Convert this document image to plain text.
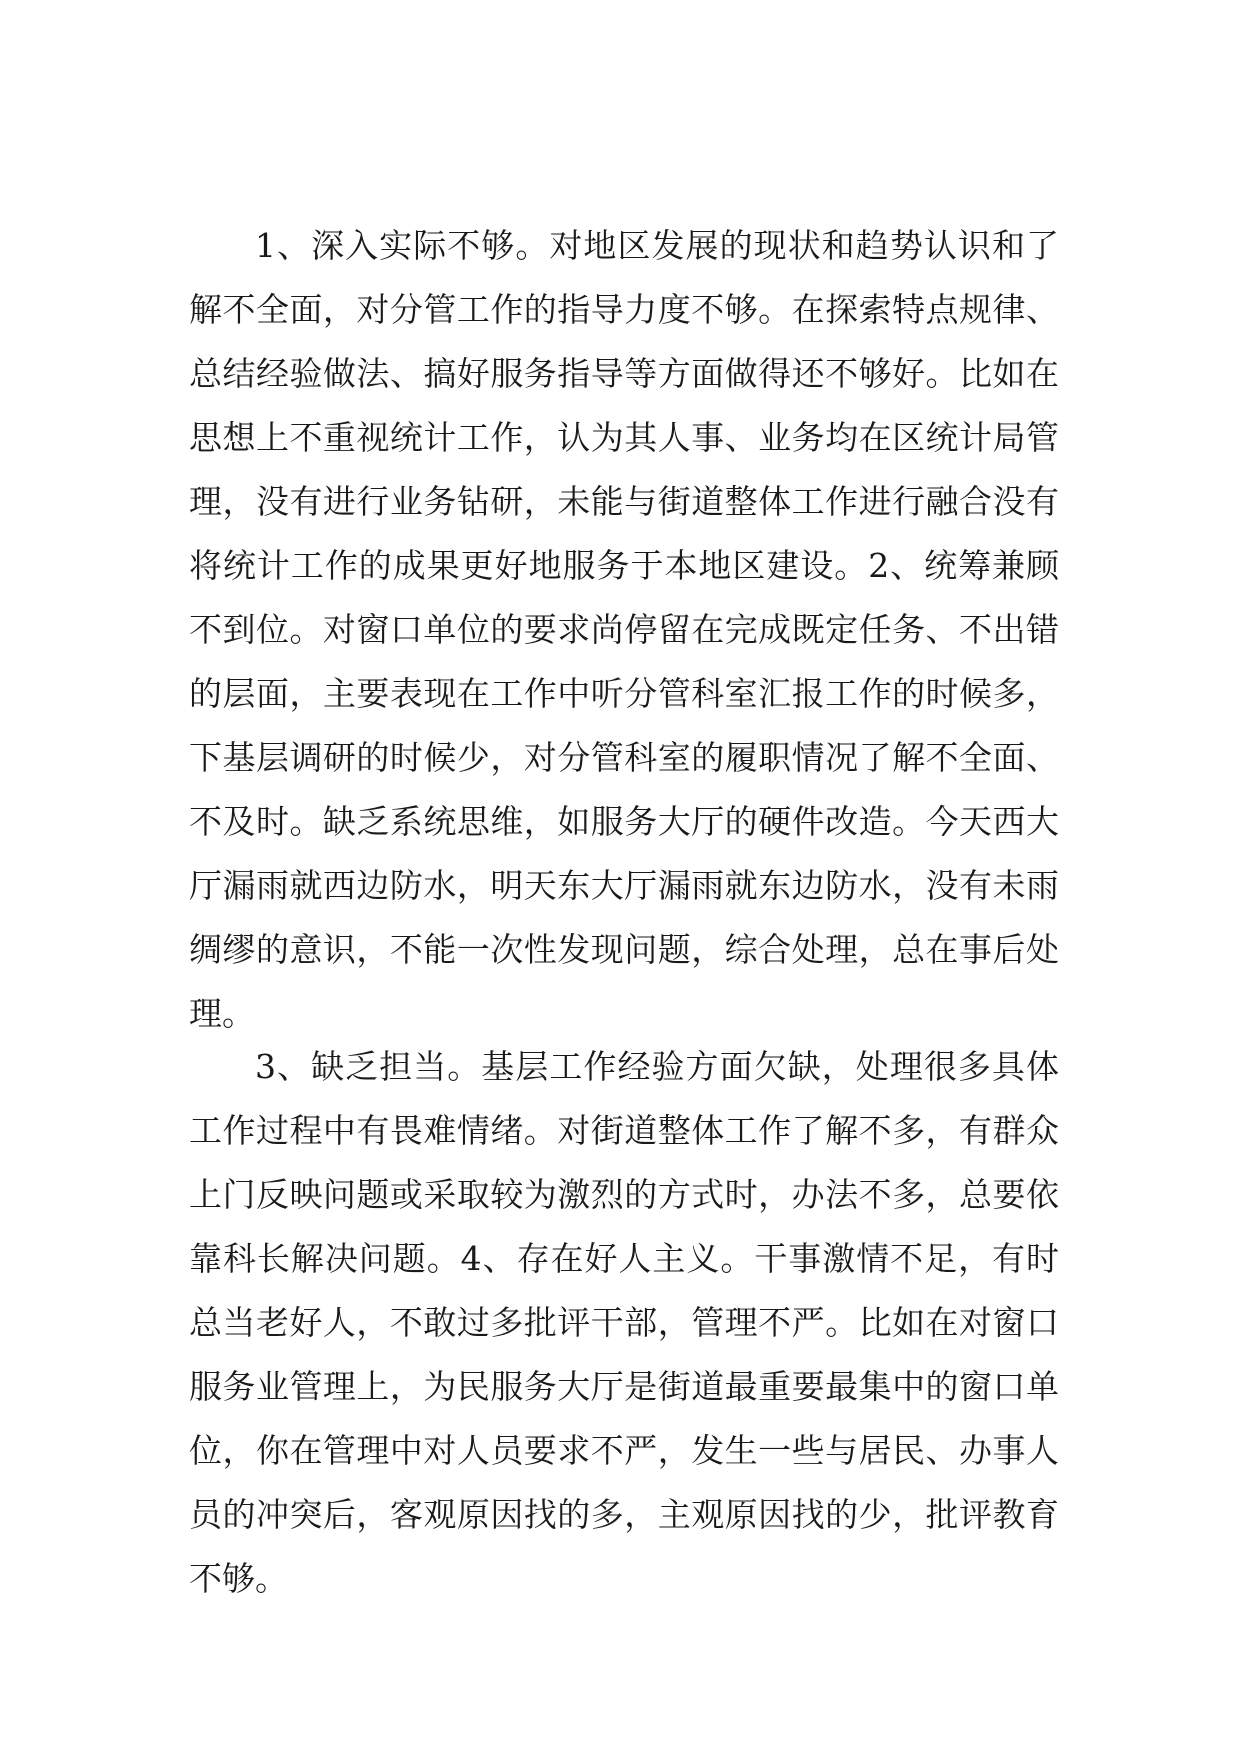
1、深入实际不够。对地区发展的现状和趋势认识和了
解不全面，对分管工作的指导力度不够。在探索特点规律、
总结经验做法、搞好服务指导等方面做得还不够好。比如在
思想上不重视统计工作，认为其人事、业务均在区统计局管
理，没有进行业务钻研，未能与街道整体工作进行融合没有
将统计工作的成果更好地服务于本地区建设。2、统筹兼顾
不到位。对窗口单位的要求尚停留在完成既定任务、不出错
的层面，主要表现在工作中听分管科室汇报工作的时候多，
下基层调研的时候少，对分管科室的履职情况了解不全面、
不及时。缺乏系统思维，如服务大厅的硬件改造。今天西大
厅漏雨就西边防水，明天东大厅漏雨就东边防水，没有未雨
绸缪的意识，不能一次性发现问题，综合处理，总在事后处
理。
3、缺乏担当。基层工作经验方面欠缺，处理很多具体
工作过程中有畏难情绪。对街道整体工作了解不多，有群众
上门反映问题或采取较为激烈的方式时，办法不多，总要依
靠科长解决问题。4、存在好人主义。干事激情不足，有时
总当老好人，不敢过多批评干部，管理不严。比如在对窗口
服务业管理上，为民服务大厅是街道最重要最集中的窗口单
位，你在管理中对人员要求不严，发生一些与居民、办事人
员的冲突后，客观原因找的多，主观原因找的少，批评教育
不够。
